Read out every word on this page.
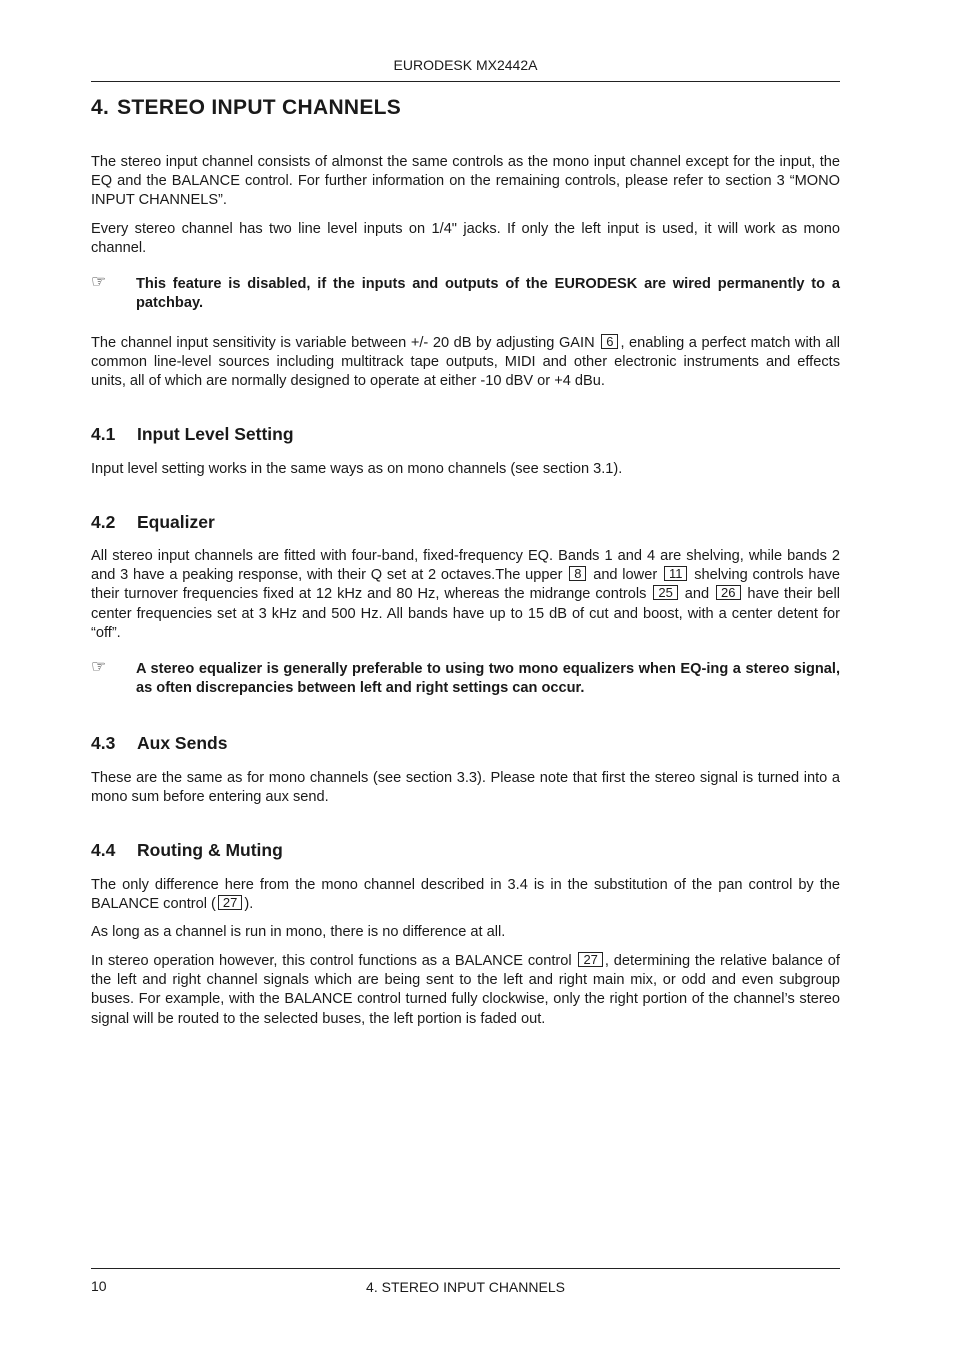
EURODESK MX2442A
4. STEREO INPUT CHANNELS

The stereo input channel consists of almonst the same controls as the mono input channel except for the input, the EQ and the BALANCE control. For further information on the remaining controls, please refer to section 3 “MONO INPUT CHANNELS”.

Every stereo channel has two line level inputs on 1/4" jacks. If only the left input is used, it will work as mono channel.

☞ This feature is disabled, if the inputs and outputs of the EURODESK are wired permanently to a patchbay.

The channel input sensitivity is variable between +/- 20 dB by adjusting GAIN 6 , enabling a perfect match with all common line-level sources including multitrack tape outputs, MIDI and other electronic instruments and effects units, all of which are normally designed to operate at either -10 dBV or +4 dBu.

4.1 Input Level Setting

Input level setting works in the same ways as on mono channels (see section 3.1).

4.2 Equalizer

All stereo input channels are fitted with four-band, fixed-frequency EQ. Bands 1 and 4 are shelving, while bands 2 and 3 have a peaking response, with their Q set at 2 octaves.The upper 8 and lower 11 shelving controls have their turnover frequencies fixed at 12 kHz and 80 Hz, whereas the midrange controls 25 and 26 have their bell center frequencies set at 3 kHz and 500 Hz. All bands have up to 15 dB of cut and boost, with a center detent for “off”.

☞ A stereo equalizer is generally preferable to using two mono equalizers when EQ-ing a stereo signal, as often discrepancies between left and right settings can occur.

4.3 Aux Sends

These are the same as for mono channels (see section 3.3). Please note that first the stereo signal is turned into a mono sum before entering aux send.

4.4 Routing & Muting

The only difference here from the mono channel described in 3.4 is in the substitution of the pan control by the BALANCE control ( 27 ).

As long as a channel is run in mono, there is no difference at all.

In stereo operation however, this control functions as a BALANCE control 27 , determining the relative balance of the left and right channel signals which are being sent to the left and right main mix, or odd and even subgroup buses. For example, with the BALANCE control turned fully clockwise, only the right portion of the channel’s stereo signal will be routed to the selected buses, the left portion is faded out.

10	4. STEREO INPUT CHANNELS
